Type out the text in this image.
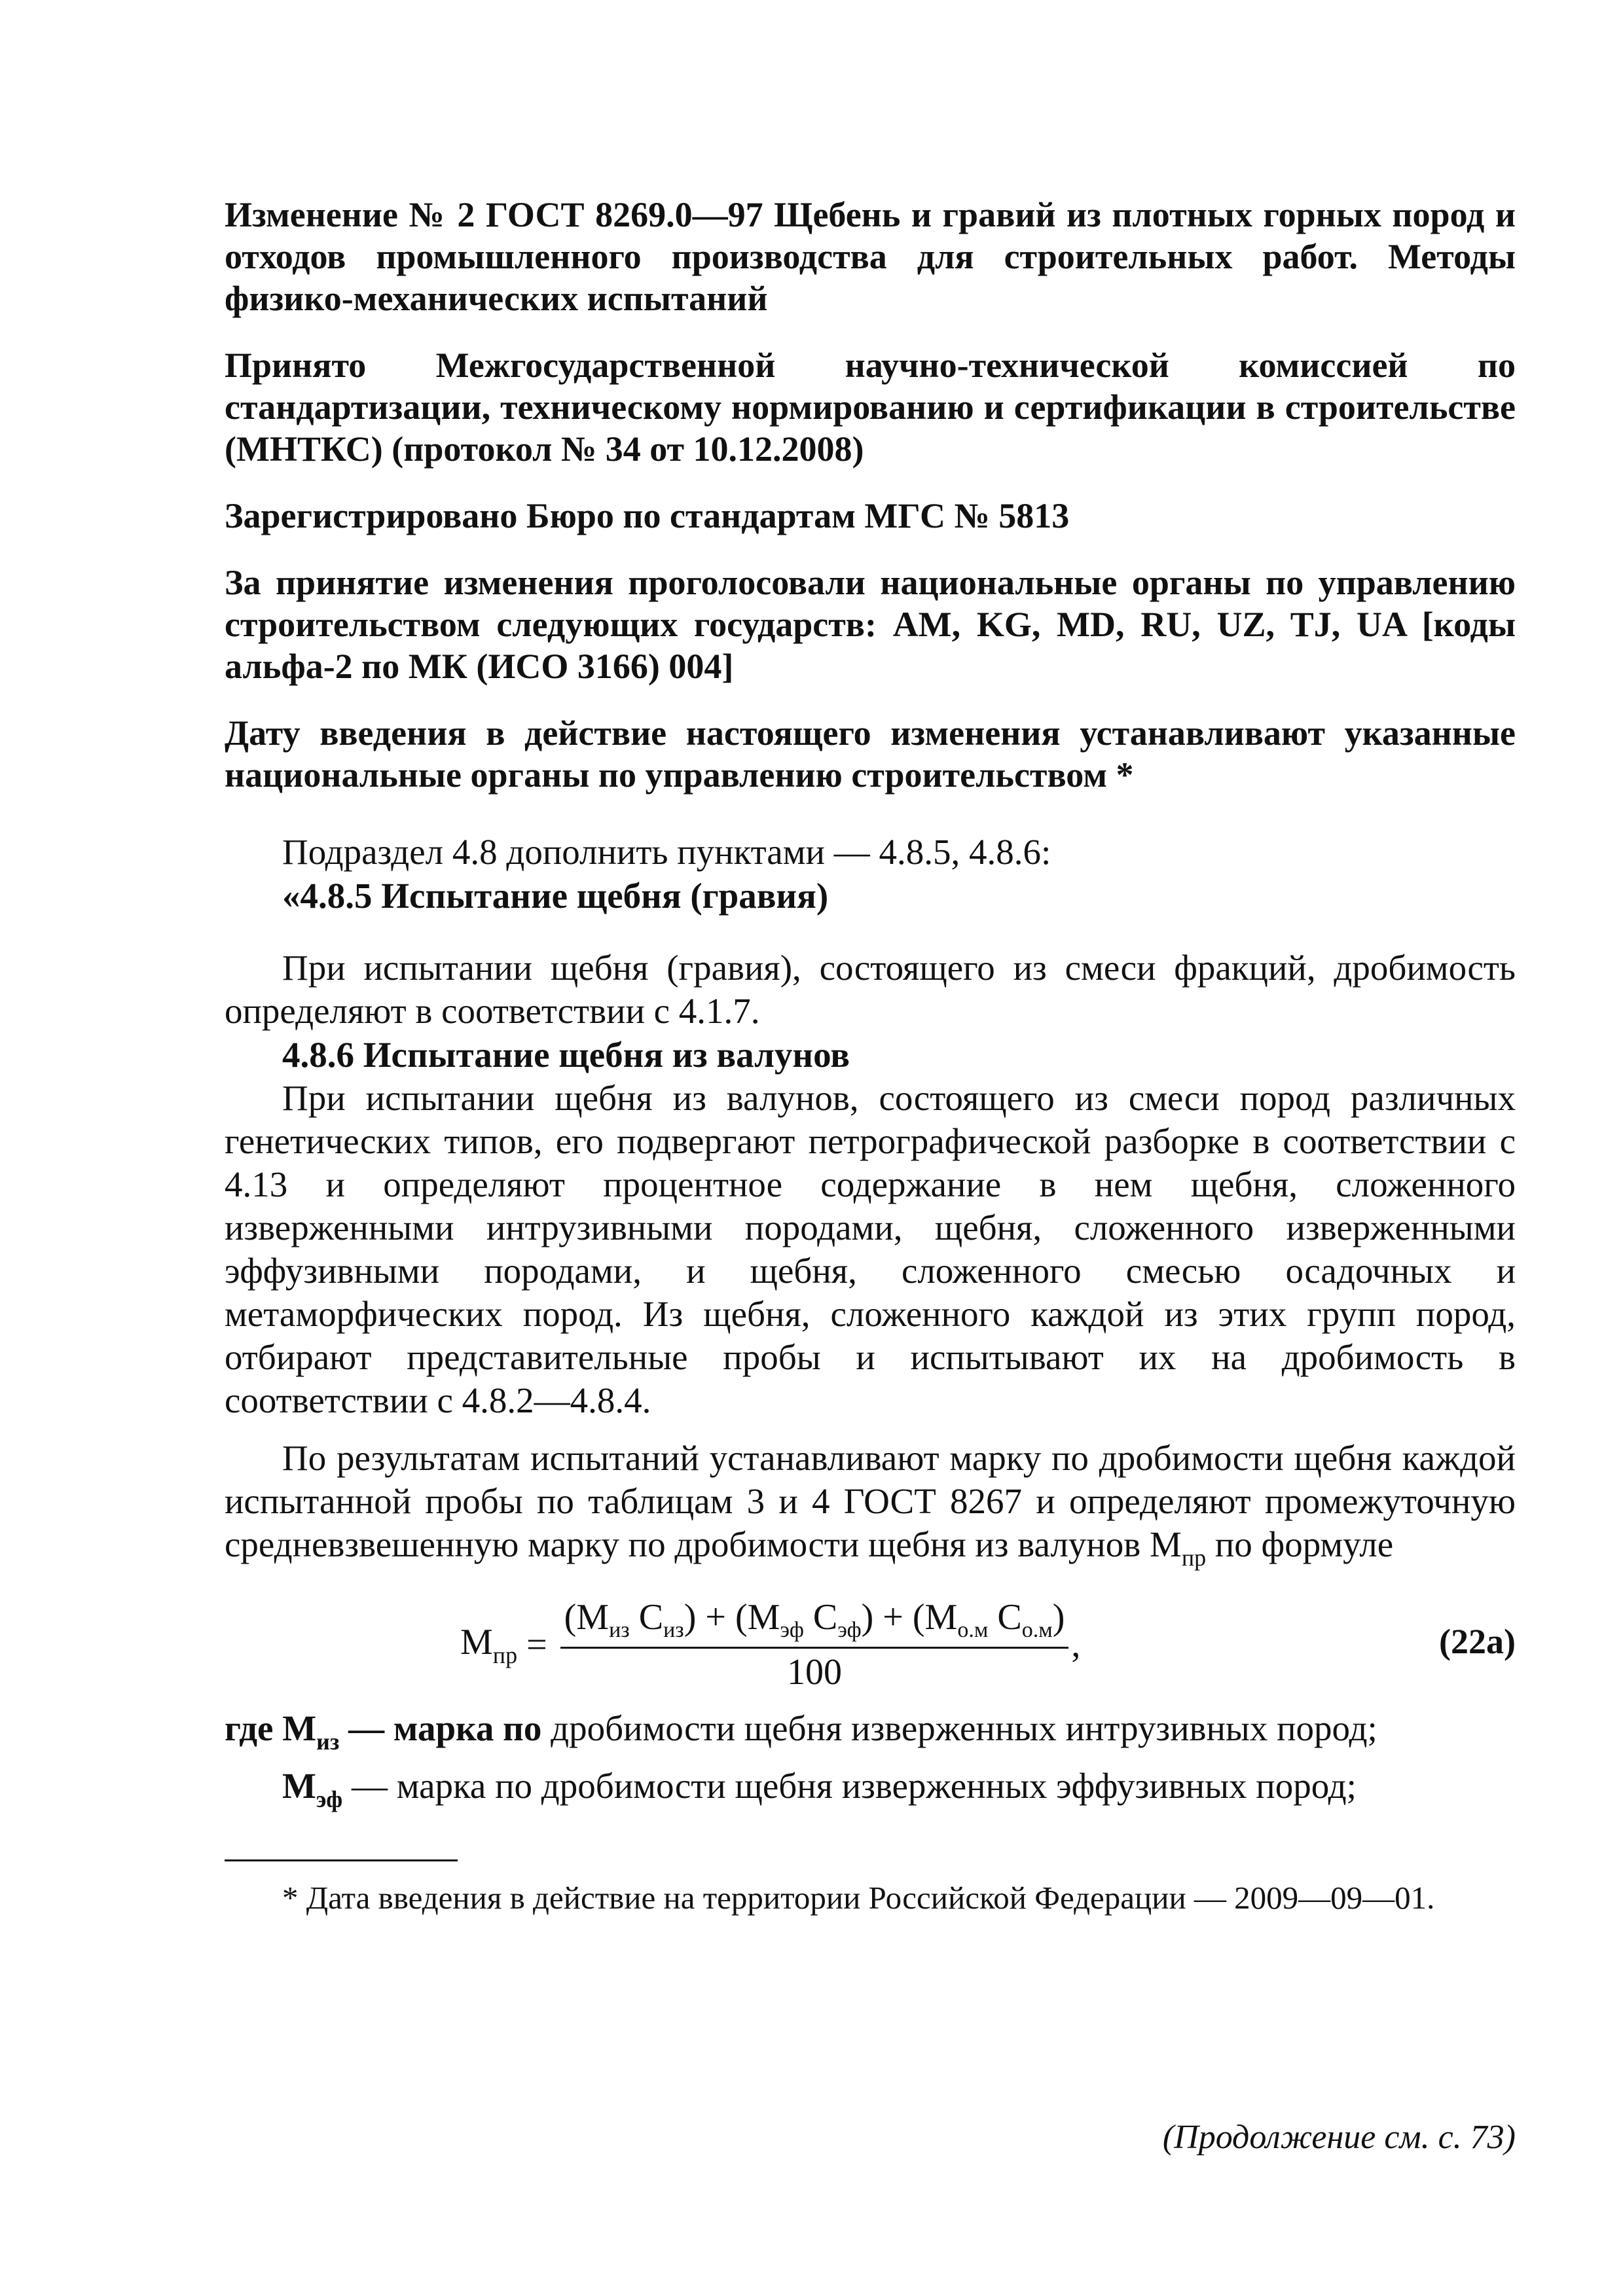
Изменение № 2 ГОСТ 8269.0—97 Щебень и гравий из плотных горных пород и отходов промышленного производства для строительных работ. Методы физико-механических испытаний

Принято Межгосударственной научно-технической комиссией по стандартизации, техническому нормированию и сертификации в строительстве (МНТКС) (протокол № 34 от 10.12.2008)

Зарегистрировано Бюро по стандартам МГС № 5813

За принятие изменения проголосовали национальные органы по управлению строительством следующих государств: AM, KG, MD, RU, UZ, TJ, UA [коды альфа-2 по МК (ИСО 3166) 004]

Дату введения в действие настоящего изменения устанавливают указанные национальные органы по управлению строительством *

Подраздел 4.8 дополнить пунктами — 4.8.5, 4.8.6:
«4.8.5 Испытание щебня (гравия)

При испытании щебня (гравия), состоящего из смеси фракций, дробимость определяют в соответствии с 4.1.7.

4.8.6 Испытание щебня из валунов

При испытании щебня из валунов, состоящего из смеси пород различных генетических типов, его подвергают петрографической разборке в соответствии с 4.13 и определяют процентное содержание в нем щебня, сложенного изверженными интрузивными породами, щебня, сложенного изверженными эффузивными породами, и щебня, сложенного смесью осадочных и метаморфических пород. Из щебня, сложенного каждой из этих групп пород, отбирают представительные пробы и испытывают их на дробимость в соответствии с 4.8.2—4.8.4.

По результатам испытаний устанавливают марку по дробимости щебня каждой испытанной пробы по таблицам 3 и 4 ГОСТ 8267 и определяют промежуточную средневзвешенную марку по дробимости щебня из валунов $М_{пр}$ по формуле

$М_{пр} = \frac{(М_{из} С_{из}) + (М_{эф} С_{эф}) + (М_{о.м} С_{о.м})}{100}$ ,	(22а)

где $М_{из}$ — марка по дробимости щебня изверженных интрузивных пород;

$М_{эф}$ — марка по дробимости щебня изверженных эффузивных пород;

* Дата введения в действие на территории Российской Федерации — 2009—09—01.

(Продолжение см. с. 73)
